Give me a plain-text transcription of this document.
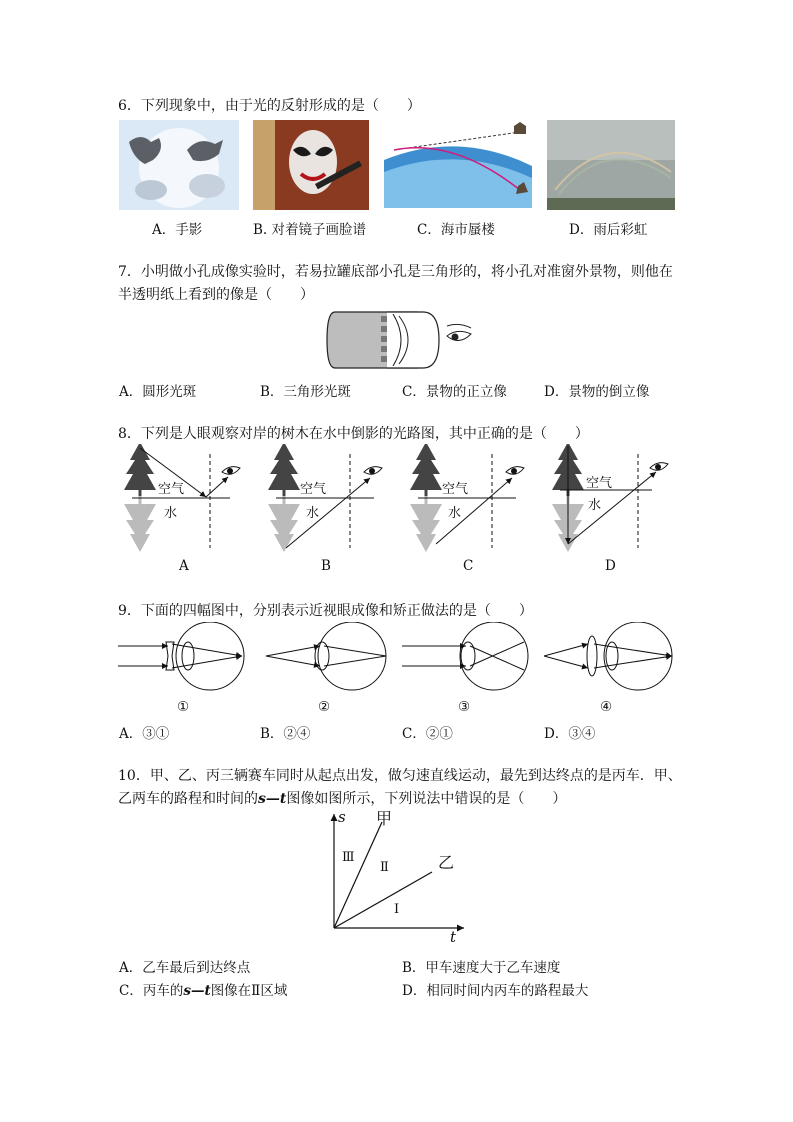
6．下列现象中，由于光的反射形成的是（　　）
A．手影	B. 对着镜子画脸谱	C．海市蜃楼	D．雨后彩虹
7．小明做小孔成像实验时，若易拉罐底部小孔是三角形的，将小孔对准窗外景物，则他在
半透明纸上看到的像是（　　）
A．圆形光斑	B．三角形光斑	C．景物的正立像	D．景物的倒立像
8．下列是人眼观察对岸的树木在水中倒影的光路图，其中正确的是（　　）
空气
水
空气
水
空气
水
空气
水
A	B	C	D
9．下面的四幅图中，分别表示近视眼成像和矫正做法的是（　　）
①	②	③	④
A．③①	B．②④	C．②①	D．③④
10．甲、乙、丙三辆赛车同时从起点出发，做匀速直线运动，最先到达终点的是丙车．甲、
乙两车的路程和时间的s—t图像如图所示，下列说法中错误的是（　　）
s
t
甲
乙
Ⅲ
Ⅱ
Ⅰ
A．乙车最后到达终点	B．甲车速度大于乙车速度
C．丙车的s—t图像在Ⅱ区域	D．相同时间内丙车的路程最大
